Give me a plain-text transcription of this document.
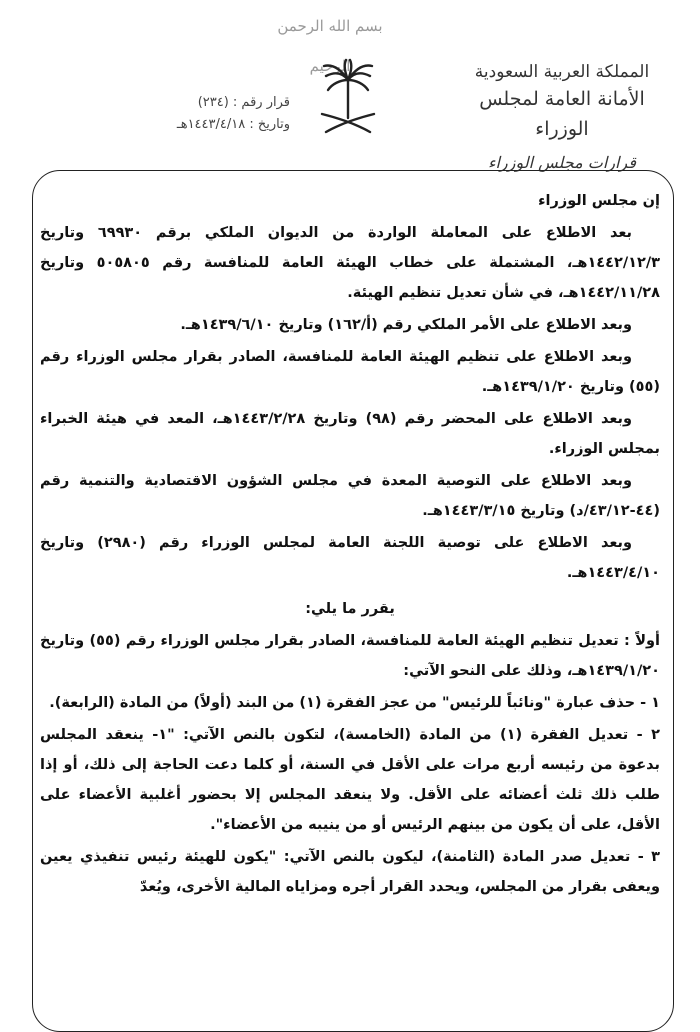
بسم الله الرحمن الرحيم	المملكة العربية السعودية
الأمانة العامة لمجلس الوزراء
قرارات مجلس الوزراء
قرار رقم : (٢٣٤)
وتاريخ : ١٤٤٣/٤/١٨هـ

إن مجلس الوزراء

بعد الاطلاع على المعاملة الواردة من الديوان الملكي برقم ٦٩٩٣٠ وتاريخ ١٤٤٢/١٢/٣هـ، المشتملة على خطاب الهيئة العامة للمنافسة رقم ٥٠٥٨٠٥ وتاريخ ١٤٤٢/١١/٢٨هـ، في شأن تعديل تنظيم الهيئة.

وبعد الاطلاع على الأمر الملكي رقم (أ/١٦٢) وتاريخ ١٤٣٩/٦/١٠هـ.

وبعد الاطلاع على تنظيم الهيئة العامة للمنافسة، الصادر بقرار مجلس الوزراء رقم (٥٥) وتاريخ ١٤٣٩/١/٢٠هـ.

وبعد الاطلاع على المحضر رقم (٩٨) وتاريخ ١٤٤٣/٢/٢٨هـ، المعد في هيئة الخبراء بمجلس الوزراء.

وبعد الاطلاع على التوصية المعدة في مجلس الشؤون الاقتصادية والتنمية رقم (٤٤-٤٣/١٢/د) وتاريخ ١٤٤٣/٣/١٥هـ.

وبعد الاطلاع على توصية اللجنة العامة لمجلس الوزراء رقم (٢٩٨٠) وتاريخ ١٤٤٣/٤/١٠هـ.

يقرر ما يلي:

أولاً : تعديل تنظيم الهيئة العامة للمنافسة، الصادر بقرار مجلس الوزراء رقم (٥٥) وتاريخ ١٤٣٩/١/٢٠هـ، وذلك على النحو الآتي:

١ - حذف عبارة "ونائباً للرئيس" من عجز الفقرة (١) من البند (أولاً) من المادة (الرابعة).

٢ - تعديل الفقرة (١) من المادة (الخامسة)، لتكون بالنص الآتي: "١- ينعقد المجلس بدعوة من رئيسه أربع مرات على الأقل في السنة، أو كلما دعت الحاجة إلى ذلك، أو إذا طلب ذلك ثلث أعضائه على الأقل. ولا ينعقد المجلس إلا بحضور أغلبية الأعضاء على الأقل، على أن يكون من بينهم الرئيس أو من ينيبه من الأعضاء".

٣ - تعديل صدر المادة (الثامنة)، ليكون بالنص الآتي: "يكون للهيئة رئيس تنفيذي يعين ويعفى بقرار من المجلس، ويحدد القرار أجره ومزاياه المالية الأخرى، ويُعدّ
